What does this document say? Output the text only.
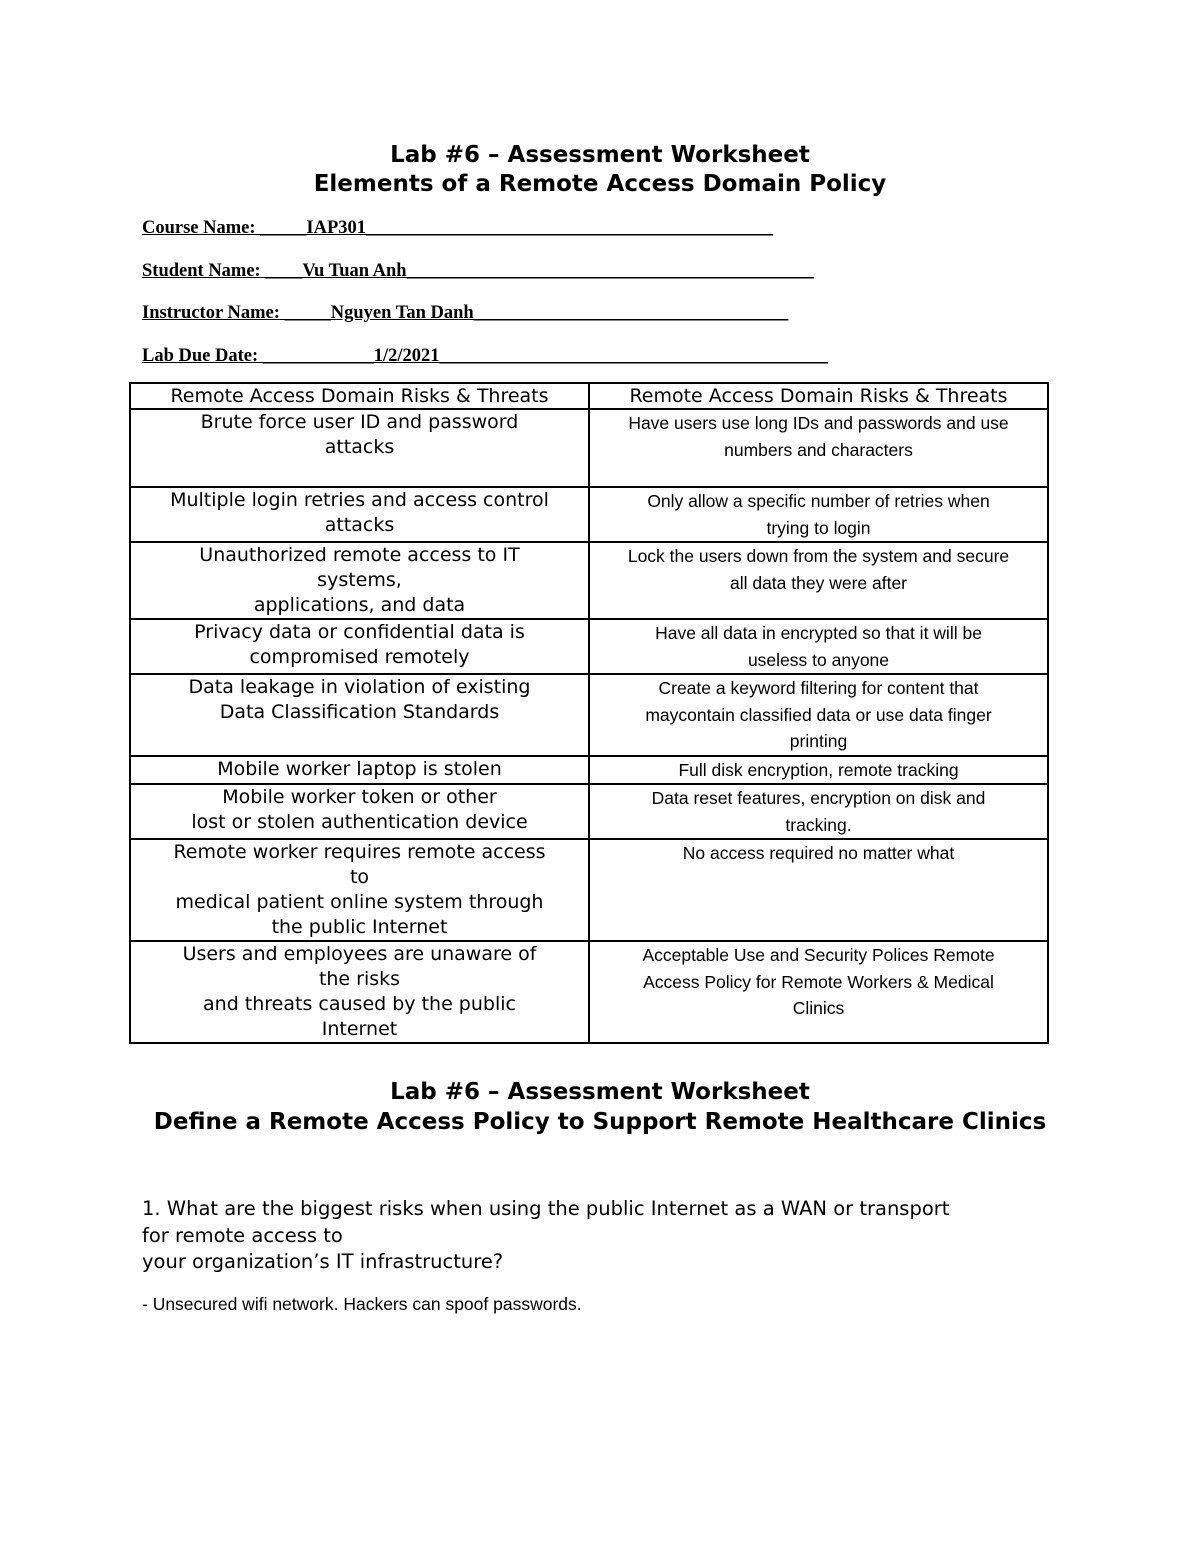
Lab #6 – Assessment Worksheet
Elements of a Remote Access Domain Policy
Course Name: _____IAP301____________________________________________
Student Name: ____Vu Tuan Anh____________________________________________
Instructor Name: _____Nguyen Tan Danh__________________________________
Lab Due Date: ____________1/2/2021__________________________________________
Remote Access Domain Risks & Threats	Remote Access Domain Risks & Threats
Brute force user ID and password
attacks	Have users use long IDs and passwords and use
numbers and characters
Multiple login retries and access control
attacks	Only allow a specific number of retries when
trying to login
Unauthorized remote access to IT
systems,
applications, and data	Lock the users down from the system and secure
all data they were after
Privacy data or confidential data is
compromised remotely	Have all data in encrypted so that it will be
useless to anyone
Data leakage in violation of existing
Data Classification Standards	Create a keyword filtering for content that
maycontain classified data or use data finger
printing
Mobile worker laptop is stolen	Full disk encryption, remote tracking
Mobile worker token or other
lost or stolen authentication device	Data reset features, encryption on disk and
tracking.
Remote worker requires remote access
to
medical patient online system through
the public Internet	No access required no matter what
Users and employees are unaware of
the risks
and threats caused by the public
Internet	Acceptable Use and Security Polices Remote
Access Policy for Remote Workers & Medical
Clinics
Lab #6 – Assessment Worksheet
Define a Remote Access Policy to Support Remote Healthcare Clinics
1. What are the biggest risks when using the public Internet as a WAN or transport
for remote access to
your organization’s IT infrastructure?
- Unsecured wifi network. Hackers can spoof passwords.
